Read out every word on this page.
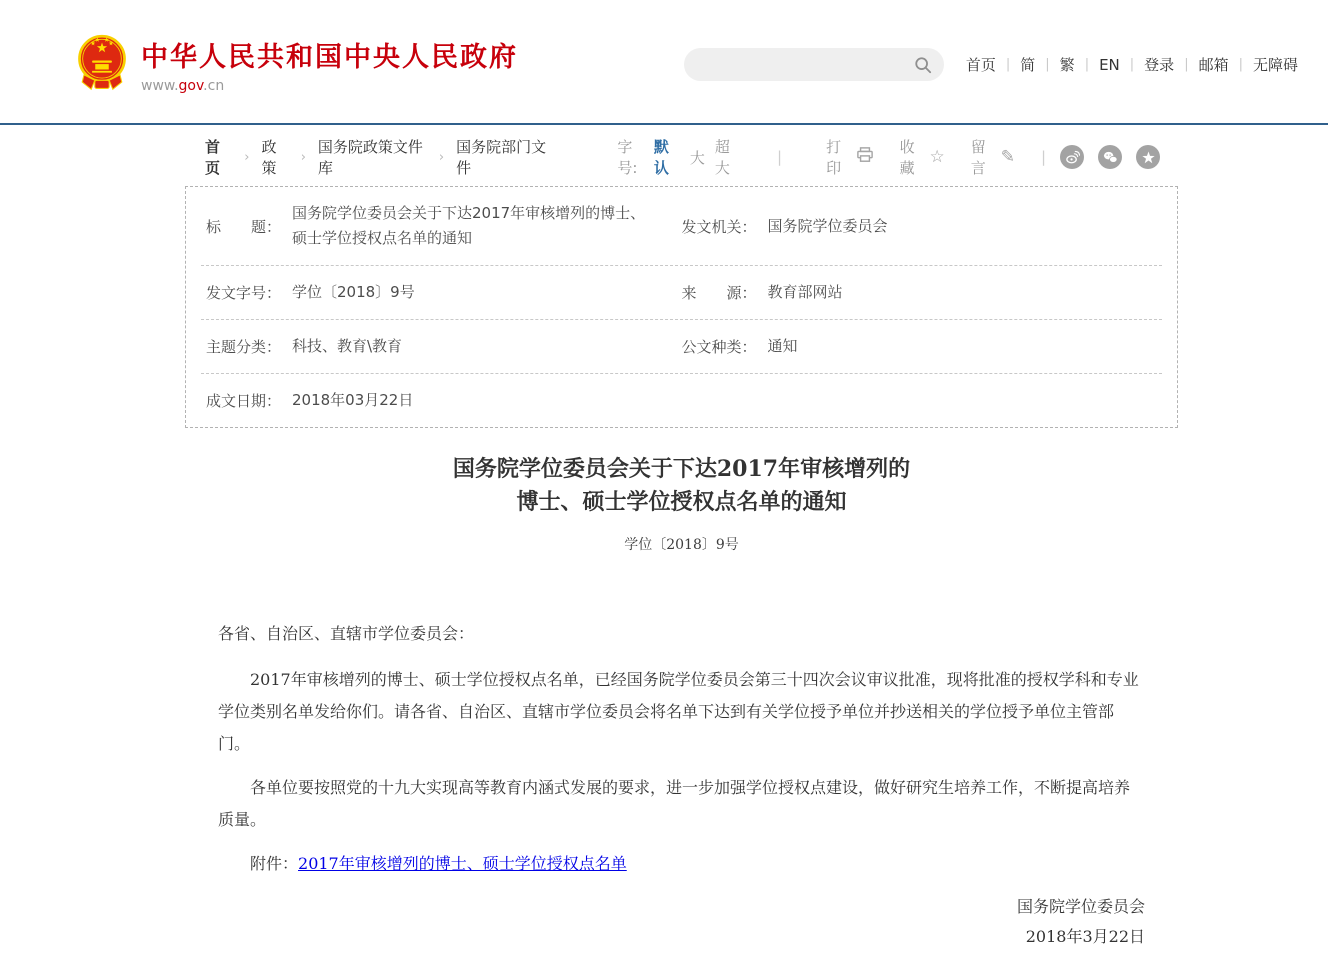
中华人民共和国中央人民政府
www.gov.cn
首页 | 简 | 繁 | EN | 登录 | 邮箱 | 无障碍
首页
›
政策
›
国务院政策文件库
›
国务院部门文件
字号:
默认
大
超大
|
打印
收藏
☆ 留言
✎ |
标　　题：
国务院学位委员会关于下达2017年审核增列的博士、硕士学位授权点名单的通知
发文机关： 国务院学位委员会
发文字号： 学位〔2018〕9号	来　　源： 教育部网站
主题分类： 科技、教育\教育	公文种类： 通知
成文日期： 2018年03月22日
国务院学位委员会关于下达2017年审核增列的
博士、硕士学位授权点名单的通知
学位〔2018〕9号

各省、自治区、直辖市学位委员会：

2017年审核增列的博士、硕士学位授权点名单，已经国务院学位委员会第三十四次会议审议批准，现将批准的授权学科和专业学位类别名单发给你们。请各省、自治区、直辖市学位委员会将名单下达到有关学位授予单位并抄送相关的学位授予单位主管部门。

各单位要按照党的十九大实现高等教育内涵式发展的要求，进一步加强学位授权点建设，做好研究生培养工作，不断提高培养质量。

附件：2017年审核增列的博士、硕士学位授权点名单

国务院学位委员会
2018年3月22日
